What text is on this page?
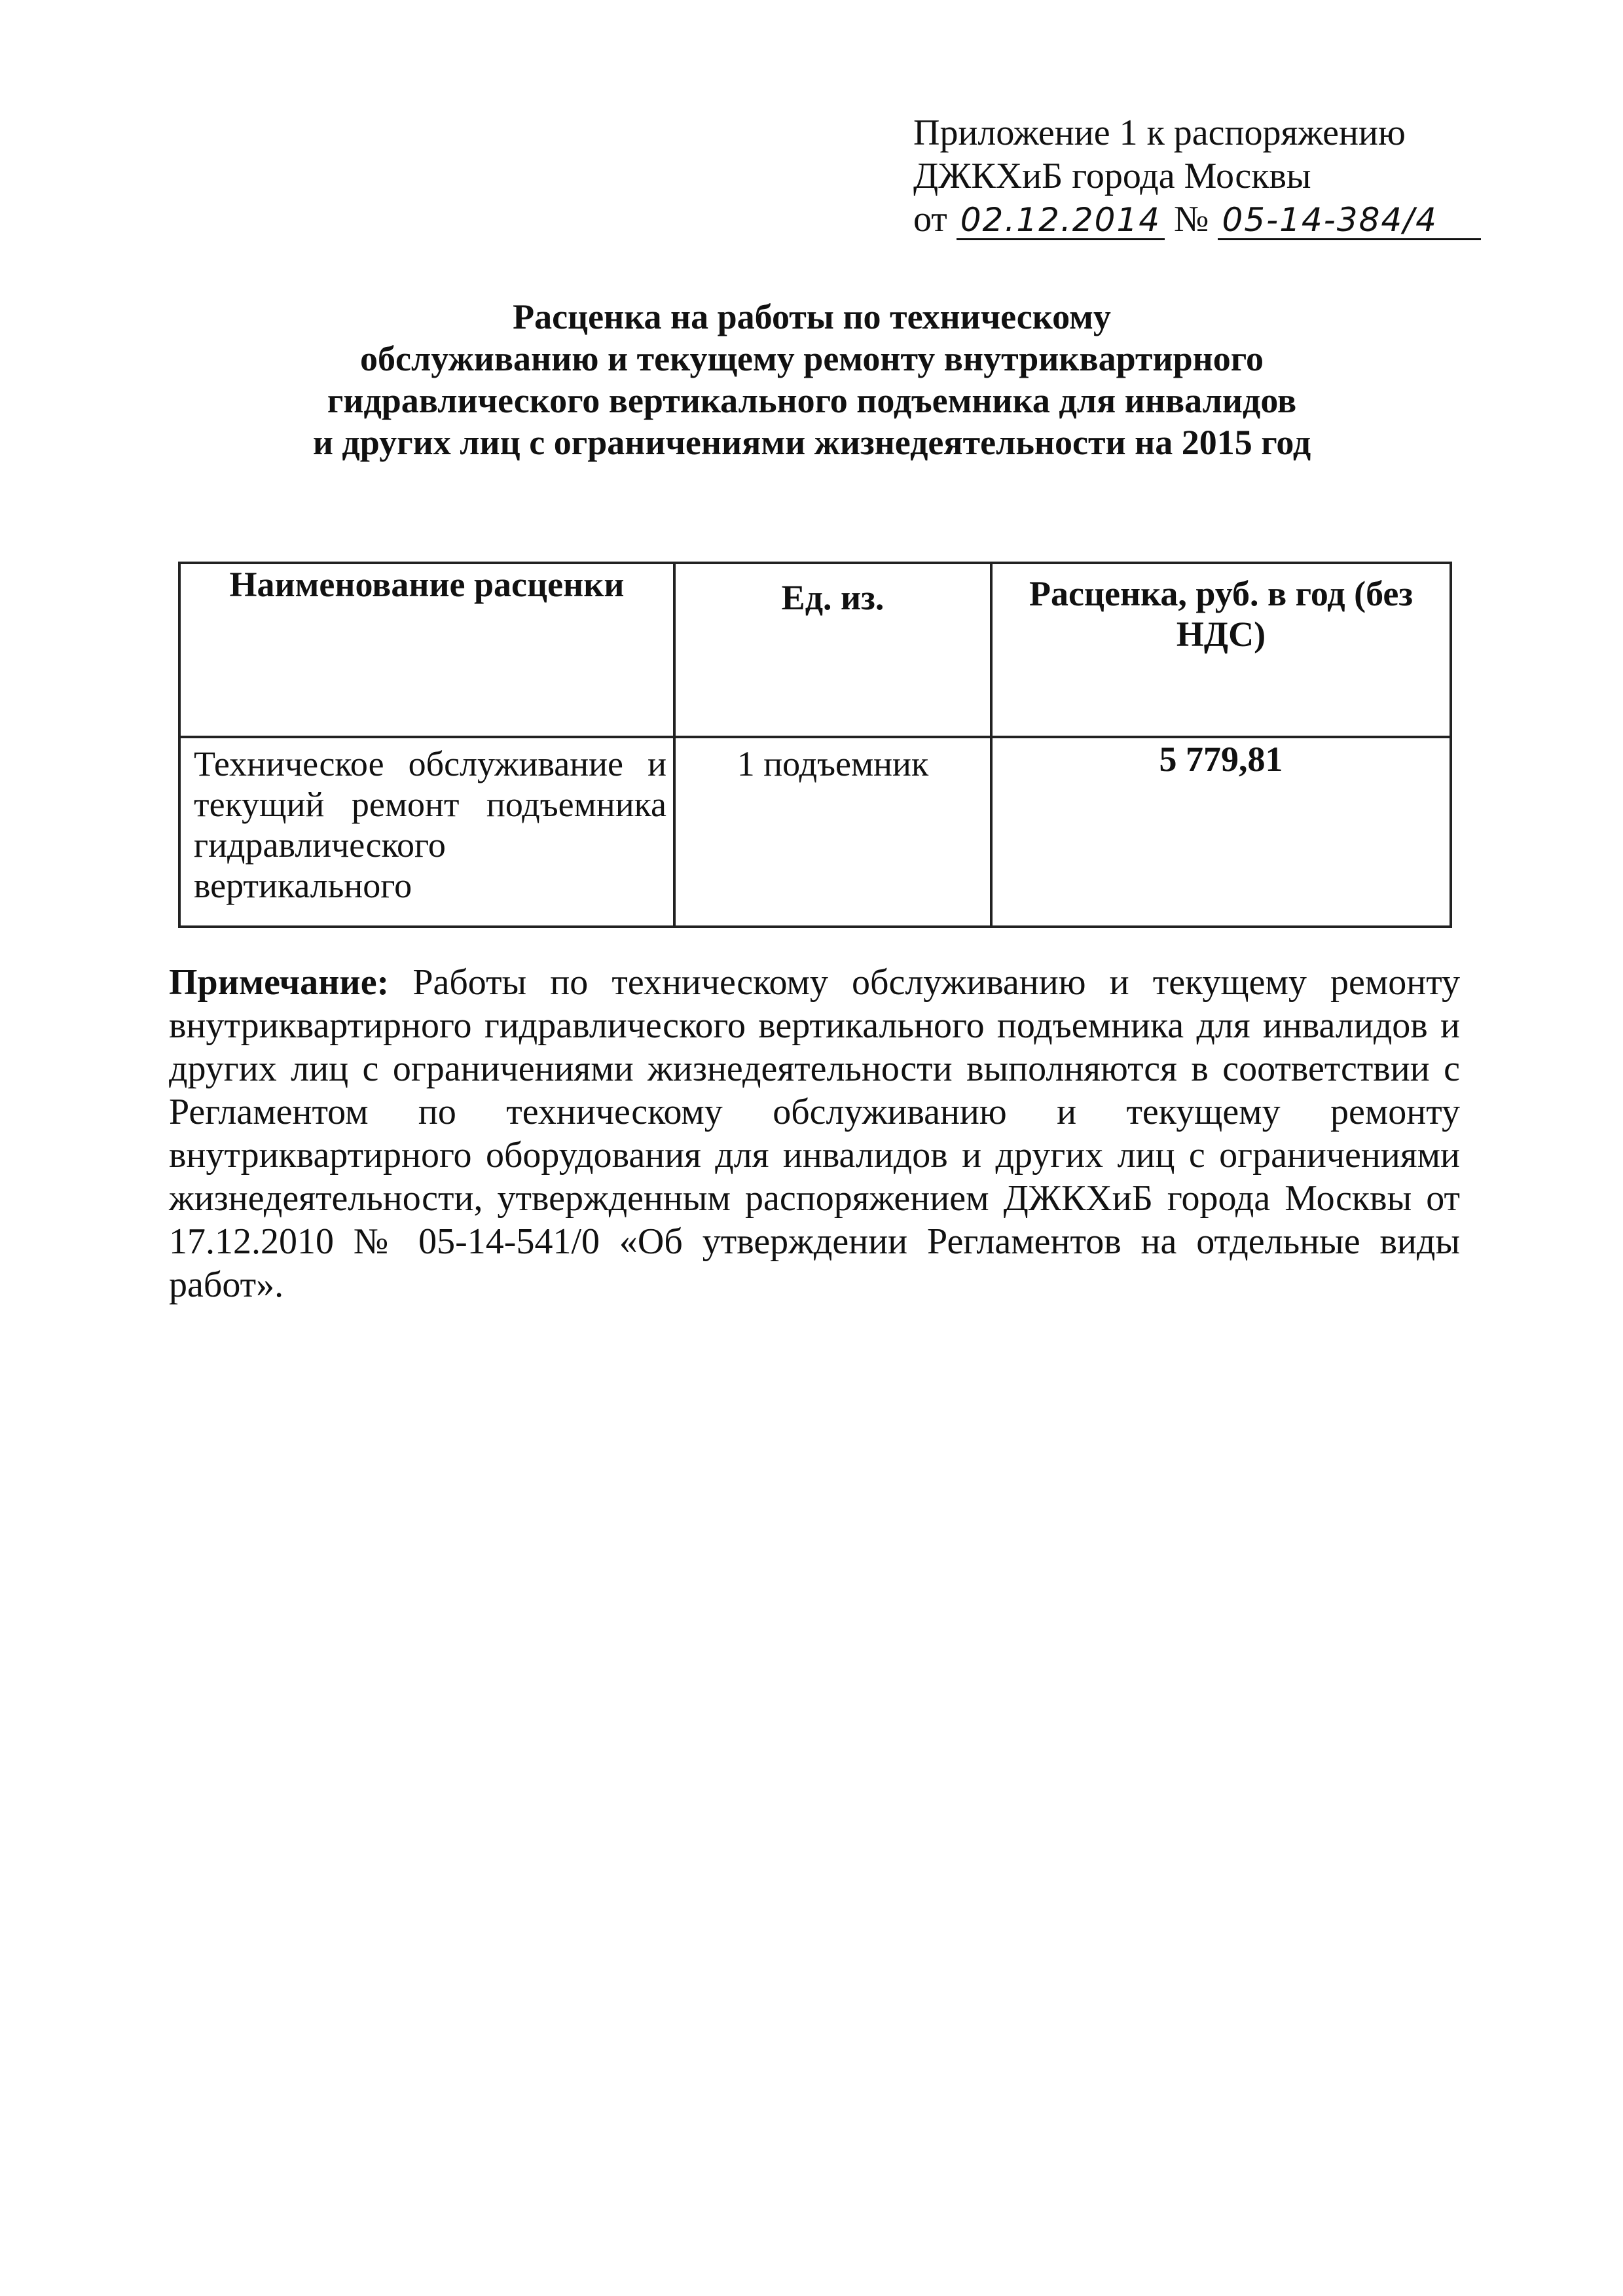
Приложение 1 к распоряжению
ДЖКХиБ города Москвы
от 02.12.2014 № 05-14-384/4
Расценка на работы по техническому
обслуживанию и текущему ремонту внутриквартирного
гидравлического вертикального подъемника для инвалидов
и других лиц с ограничениями жизнедеятельности на 2015 год
Наименование расценки	Ед. из.	Расценка, руб. в год (без НДС)
Техническое обслуживание и текущий ремонт подъемника гидравлического вертикального	1 подъемник	5 779,81
Примечание: Работы по техническому обслуживанию и текущему ремонту внутриквартирного гидравлического вертикального подъемника для инвалидов и других лиц с ограничениями жизнедеятельности выполняются в соответствии с Регламентом по техническому обслуживанию и текущему ремонту внутриквартирного оборудования для инвалидов и других лиц с ограничениями жизнедеятельности, утвержденным распоряжением ДЖКХиБ города Москвы от 17.12.2010 № 05-14-541/0 «Об утверждении Регламентов на отдельные виды работ».
